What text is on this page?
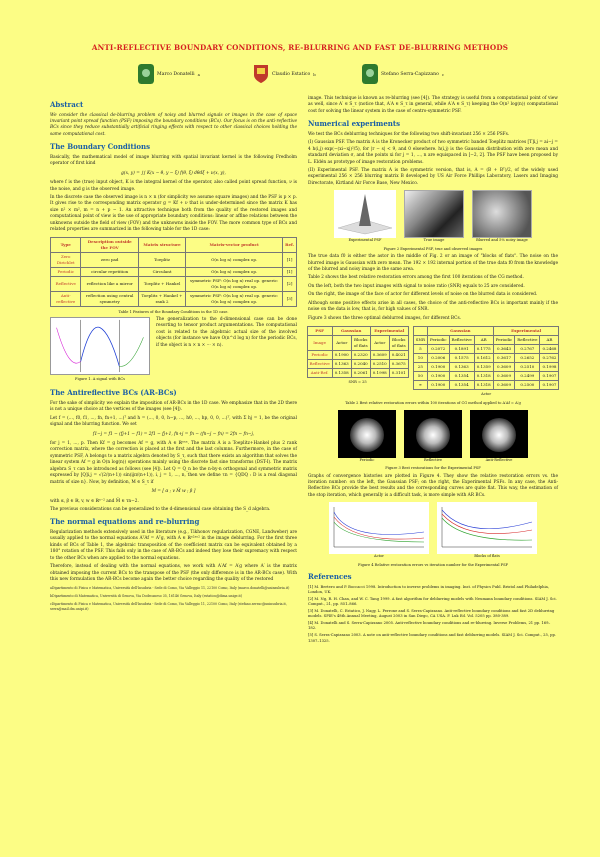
ANTI-REFLECTIVE BOUNDARY CONDITIONS, RE-BLURRING AND FAST DE-BLURRING METHODS
Marco Donatelli a	Claudio Estatico b	Stefano Serra-Capizzano c
Abstract

We consider the classical de-blurring problem of noisy and blurred signals or images in the case of space invariant point spread function (PSF) imposing the boundary conditions (BCs). Our focus is on the anti-reflective BCs since they reduce substantially artificial ringing effects with respect to other classical choices holding the same computational cost.

The Boundary Conditions

Basically, the mathematical model of image blurring with spatial invariant kernel is the following Fredholm operator of first kind

g(x, y) = ∫∫ K(x − θ, y − ξ) f(θ, ξ) dθdξ + ν(x, y),

where f is the (true) input object, K is the integral kernel of the operator, also called point spread function, ν is the noise, and g is the observed image.

In the discrete case the observed image is n × n (for simplicity we assume square images) and the PSF is p × p. It gives rise to the corresponding matrix operator g = Kf + ν that is under-determined since the matrix K has size n² × m², m = n + p − 1. An attractive technique both from the quality of the restored images and computational point of view is the use of appropriate boundary conditions: linear or affine relations between the unknowns outside the field of view (FOV) and the unknowns inside the FOV. The more common type of BCs and related properties are summarized in the following table for the 1D case:

Type	Description outside the FOV	Matrix structure	Matrix-vector product	Ref.
Zero Dirichlet	zero pad	Toeplitz	O(n log n) complex op.	[1]
Periodic	circular repetition	Circulant	O(n log n) complex op.	[1]
Reflective	reflection like a mirror	Toeplitz + Hankel	symmetric PSF: O(n log n) real op. generic: O(n log n) complex op.	[2]
Anti-reflective	reflection using central symmetry	Toeplitz + Hankel + rank 2	symmetric PSF: O(n log n) real op. generic: O(n log n) complex op.	[3]
Table 1 Features of the Boundary Conditions in the 1D case.
Figure 1. A signal with BCs

The generalization to the d-dimensional case can be done resorting to tensor product argumentations. The computational cost is related to the algebraic actual size of the involved objects (for instance we have O(n^d log n) for the periodic BCs, if the object is n × n × ··· × n).

The Antireflective BCs (AR-BCs)

For the sake of simplicity we explain the imposition of AR-BCs in the 1D case. We emphasize that in the 2D there is not a unique choice at the vertices of the images (see [4]).

Let f = (..., f0, f1, ..., fn, fn+1, ...)ᵀ and h = (..., 0, 0, h−p, ..., h0, ..., hp, 0, 0, ...)ᵀ, with Σ hj = 1, be the original signal and the blurring function. We set

f1−j = f1 − (fj+1 − f1) = 2f1 − fj+1, fn+j = fn − (fn−j − fn) = 2fn − fn−j,

for j = 1, ..., p. Then Kf = g becomes Af = g, with A ∈ ℝⁿˣⁿ. The matrix A is a Toeplitz+Hankel plus 2 rank correction matrix, where the correction is placed at the first and the last columns. Furthermore, in the case of symmetric PSF, A belongs to a matrix algebra denoted by S_τ, such that there exists an algorithm that solves the linear system Af = g in O(n log(n)) operations mainly using the discrete fast sine transforms (DST-I). The matrix algebra S_τ can be introduced as follows (see [4]). Let Q = Q_n be the n-by-n orthogonal and symmetric matrix expressed by [Q]i,j = √(2/(n+1)) sin(ijπ/(n+1)), i, j = 1, ..., n, then we define τn = {QDQ : D is a real diagonal matrix of size n}. Now, by definition, M ∈ S_τ if

M = [ α ; v M̃ w ; β ]

with α, β ∈ ℝ, v, w ∈ ℝⁿ⁻² and M̃ ∈ τn−2.

The previous considerations can be generalized to the d-dimensional case obtaining the S_d algebra.

The normal equations and re-blurring

Regularization methods extensively used in the literature (e.g., Tikhonov regularization, CGNE, Landweber) are usually applied to the normal equations AᵀAf = Aᵀg, with A ∈ ℝⁿ²ˣⁿ² in the image deblurring. For the first three kinds of BCs of Table 1, the algebraic transposition of the coefficient matrix can be equivalent obtained by a 180° rotation of the PSF. This fails only in the case of AR-BCs and indeed they lose their supremacy with respect to the other BCs when are applied to the normal equations.

Therefore, instead of dealing with the normal equations, we work with A′Af = A′g where A′ is the matrix obtained imposing the current BCs to the transpose of the PSF (the only difference is in the AR-BCs case). With this new formulation the AR-BCs become again the better choice regarding the quality of the restored

aDipartimento di Fisica e Matematica, Università dell'Insubria - Sede di Como, Via Valleggio 11, 22100 Como, Italy (marco.donatelli@uninsubria.it)
bDipartimento di Matematica, Università di Genova, Via Dodecaneso 35, 16146 Genova, Italy (estatico@dima.unige.it)
cDipartimento di Fisica e Matematica, Università dell'Insubria - Sede di Como, Via Valleggio 11, 22100 Como, Italy (stefano.serrac@uninsubria.it, serra@mail.dm.unipi.it)

image. This technique is known as re-blurring (see [4]). The strategy is useful from a computational point of view as well, since A′ ∈ S_τ (notice that, A′A ∈ S_τ in general, while A′A ∈ S_τ) keeping the O(n² log(n)) computational cost for solving the linear system in the case of centro-symmetric PSF.

Numerical experiments

We test the BCs deblurring techniques for the following two shift-invariant 256 × 256 PSFs.

(I) Gaussian PSF. The matrix A is the Kronecker product of two symmetric banded Toeplitz matrices [T]i,j = ai−j = 4 h(i,j) exp(−(xi−xj)²/5), for |r − s| < 9, and 0 elsewhere. h(i,j) is the Gaussian distribution with zero mean and standard deviation σ, and the points xi for j = 1, ..., n are equispaced in [−2, 2]. The PSF have been proposed by L. Eldén as prototype of image restoration problems.

(II) Experimental PSF. The matrix A is the symmetric version, that is, A = (B + Bᵀ)/2, of the widely used experimental 256 × 256 blurring matrix B developed by US Air Force Phillips Laboratory, Lasers and Imaging Directorate, Kirtland Air Force Base, New Mexico.

Experimental PSF	True image	Blurred and 5% noisy image
Figure 2 Experimental PSF, true and observed images

The true data f0 is either the astor in the middle of Fig. 2 or an image of "blocks of flats". The noise on the blurred image is Gaussian with zero mean. The 192 × 192 internal portion of the true data f0 from the knowledge of the blurred and noisy image in the same area.

Table 2 shows the best relative restoration errors among the first 100 iterations of the CG method.

On the left, both the two input images with signal to noise ratio (SNR) equals to 25 are considered.

On the right, the image of the face of actor for different levels of noise on the blurred data is considered.

Although some positive effects arise in all cases, the choice of the anti-reflective BCs is important mainly if the noise on the data is low, that is, for high values of SNR.

Figure 3 shows the three optimal deblurred images, for different BCs.

PSF	Gaussian		Experimental	
Image	Actor	Blocks of flats	Actor	Blocks of flats
Periodic	0.1900	0.2320	0.3609	0.4021
Reflective	0.1363	0.2040	0.2510	0.3675
Anti-Ref.	0.1358	0.2061	0.1998	0.3101
SNR = 25
	Gaussian			Experimental		
SNR	Periodic	Reflective	AR	Periodic	Reflective	AR
5	0.2072	0.1891	0.1775	0.3643	0.2767	0.2468
10	0.2006	0.1575	0.1612	0.3617	0.2652	0.2762
25	0.1900	0.1363	0.1359	0.3609	0.2510	0.1998
50	0.1900	0.1354	0.1318	0.3609	0.2499	0.1907
∞	0.1900	0.1354	0.1318	0.3609	0.2500	0.1907
Actor
Table 2 Best relative restoration errors within 100 iterations of CG method applied to A′Af = A′g
Periodic	Reflective	Anti-Reflective
Figure 3 Best restorations for the Experimental PSF

Graphs of convergence histories are plotted in Figure 4. They show the relative restoration errors vs. the iteration number: on the left, the Gaussian PSF; on the right, the Experimental PSFs. In any case, the Anti-Reflective BCs provide the best results and the corresponding curves are quite flat. This way, the estimation of the stop iteration, which generally is a difficult task, is more simple with AR BCs.

Actor	Blocks of flats
Figure 4 Relative restoration errors vs iteration number for the Experimental PSF
References
[1] M. Bertero and P. Boccacci 1998. Introduction to inverse problems in imaging. Inst. of Physics Publ. Bristol and Philadelphia, London, UK.
[2] M. Ng, R. H. Chan, and W. C. Tang 1999. A fast algorithm for deblurring models with Neumann boundary conditions. SIAM J. Sci. Comput., 21, pp. 851–866.
[3] M. Donatelli, C. Estatico, J. Nagy, L. Perrone and S. Serra-Capizzano. Anti-reflective boundary conditions and fast 2D deblurring models. SPIE's 48th Annual Meeting, August 2003 in San Diego, CA USA. F. Luk Ed. Vol. 5205 pp. 380-389.
[4] M. Donatelli and S. Serra-Capizzano 2005. Anti-reflective boundary conditions and re-blurring. Inverse Problems, 21 pp. 169–182.
[5] S. Serra-Capizzano 2003. A note on anti-reflective boundary conditions and fast deblurring models. SIAM J. Sci. Comput., 25, pp. 1307–1325.
